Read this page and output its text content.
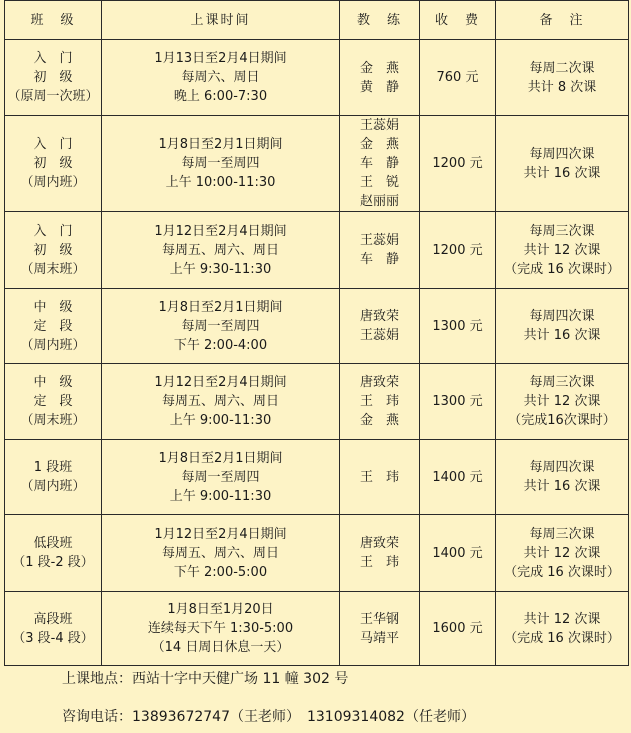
班　级	上课时间	教　练	收　费	备　注

入　门
初　级
（原周一次班）	1月13日至2月4日期间
每周六、周日
晚上 6:00-7:30	金　燕
黄　静	760 元	每周二次课
共计 8 次课

入　门
初　级
（周内班）	1月8日至2月1日期间
每周一至周四
上午 10:00-11:30	王蕊娟
金　燕
车　静
王　锐
赵丽丽	1200 元	每周四次课
共计 16 次课

入　门
初　级
（周末班）	1月12日至2月4日期间
每周五、周六、周日
上午 9:30-11:30	王蕊娟
车　静	1200 元	每周三次课
共计 12 次课
（完成 16 次课时）

中　级
定　段
（周内班）	1月8日至2月1日期间
每周一至周四
下午 2:00-4:00	唐致荣
王蕊娟	1300 元	每周四次课
共计 16 次课

中　级
定　段
（周末班）	1月12日至2月4日期间
每周五、周六、周日
上午 9:00-11:30	唐致荣
王　玮
金　燕	1300 元	每周三次课
共计 12 次课
（完成16次课时）

1 段班
（周内班）	1月8日至2月1日期间
每周一至周四
上午 9:00-11:30	王　玮	1400 元	每周四次课
共计 16 次课

低段班
（1 段-2 段）	1月12日至2月4日期间
每周五、周六、周日
下午 2:00-5:00	唐致荣
王　玮	1400 元	每周三次课
共计 12 次课
（完成 16 次课时）

高段班
（3 段-4 段）	1月8日至1月20日
连续每天下午 1:30-5:00
（14 日周日休息一天）	王华钢
马靖平	1600 元	共计 12 次课
（完成 16 次课时）
上课地点：西站十字中天健广场 11 幢 302 号
咨询电话：13893672747（王老师）　13109314082（任老师）
